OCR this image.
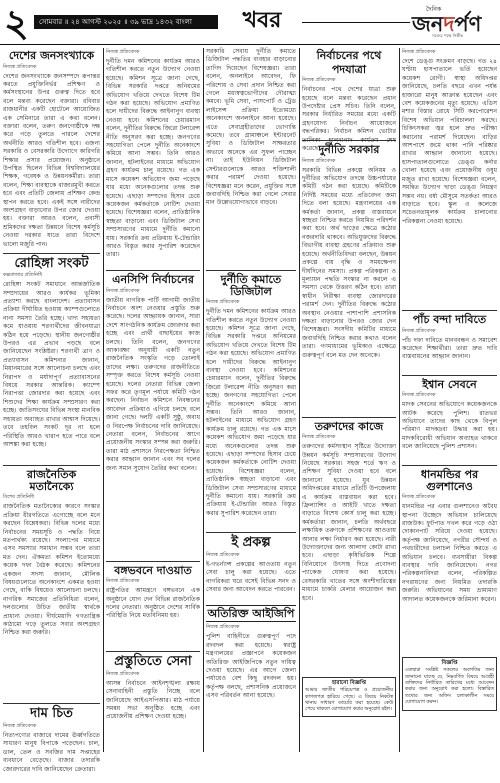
২	সোমবার ॥ ২৪ আগস্ট ২০২৫ ॥ ৩৯ ভাদ্র ১৪৩২ বাংলা	খবর	দৈনিক
জনদর্পণ
সত্যের পক্ষে নির্ভীক
দেশের জনসংখ্যাকে
নিজস্ব প্রতিবেদক
দেশের জনসংখ্যাকে জনসম্পদে রূপান্তর করতে প্রযুক্তিনির্ভর প্রশিক্ষণ ও কর্মসংস্থানের উপর গুরুত্ব দিতে হবে বলে মন্তব্য করেছেন বক্তারা। রবিবার রাজধানীর একটি হোটেলে আয়োজিত এক সেমিনারে তারা এ কথা বলেন। বক্তারা বলেন, তরুণ জনগোষ্ঠীকে দক্ষ করে গড়ে তুলতে পারলে দেশের অর্থনীতি আরও গতিশীল হবে। এজন্য সরকারি ও বেসরকারি উদ্যোগে কারিগরি শিক্ষার প্রসার প্রয়োজন। অনুষ্ঠানে উপস্থিত ছিলেন বিভিন্ন বিশ্ববিদ্যালয়ের শিক্ষক, গবেষক ও উন্নয়নকর্মীরা। তারা বলেন, শিক্ষা ব্যবস্থাকে বাজারমুখী করতে হবে এবং প্রতিটি জেলায় প্রশিক্ষণ কেন্দ্র স্থাপন করতে হবে। একই সঙ্গে নারীদের অংশগ্রহণ বাড়ানোর উপর জোর দেওয়া হয়। বক্তারা আরও বলেন, প্রবাসী শ্রমিকদের দক্ষতা উন্নয়নে বিশেষ কর্মসূচি নেওয়া দরকার যাতে তারা বিদেশে ভালো মজুরি পান।
রোহিঙ্গা সংকট
কক্সবাজার প্রতিনিধি
রোহিঙ্গা সংকট সমাধানে আন্তর্জাতিক সম্প্রদায়ের আরও কার্যকর ভূমিকা প্রত্যাশা করছে বাংলাদেশ। প্রত্যাবাসন প্রক্রিয়া দীর্ঘায়িত হওয়ায় ক্যাম্পগুলোতে নানা সমস্যা তৈরি হচ্ছে। খাদ্য সহায়তা কমে যাওয়ায় শরণার্থীদের জীবনযাত্রা কঠিন হয়ে পড়েছে। স্থানীয় জনগোষ্ঠীর উপরও এর প্রভাব পড়ছে বলে জানিয়েছেন সংশ্লিষ্টরা। শরণার্থী ত্রাণ ও প্রত্যাবাসন কমিশনার জানান, মিয়ানমারের সঙ্গে আলোচনা চলছে এবং নিরাপদ ও মর্যাদাপূর্ণ প্রত্যাবাসনের বিষয়ে সরকার আন্তরিক। ক্যাম্পে নিরাপত্তা জোরদার করা হয়েছে এবং শিশুদের শিক্ষা কার্যক্রম সম্প্রসারণ করা হচ্ছে। জাতিসংঘের বিভিন্ন সংস্থা মানবিক সহায়তা অব্যাহত রাখার আশ্বাস দিয়েছে। তবে তহবিল সংকট দূর না হলে পরিস্থিতি আরও খারাপ হতে পারে বলে আশঙ্কা করা হচ্ছে।
রাজনৈতিক মতানৈক্যে
বিশেষ প্রতিনিধি
রাজনৈতিক মতানৈক্যের কারণে সংস্কার প্রক্রিয়া ধীরগতিতে এগোচ্ছে বলে মনে করছেন বিশ্লেষকরা। বিভিন্ন দলের মধ্যে নির্বাচনের সময়সূচি ও পদ্ধতি নিয়ে মতপার্থক্য রয়েছে। সংলাপের মাধ্যমে এসব সমস্যার সমাধান সম্ভব বলে তারা মত দেন। ঐকমত্য কমিশন ইতোমধ্যে কয়েক দফা বৈঠক করেছে। কমিশনের একজন সদস্য জানান, মৌলিক বিষয়গুলোতে অনেকাংশে একমত হওয়া গেছে, বাকি বিষয়েও আলোচনা চলছে। নাগরিক সমাজের প্রতিনিধিরা বলেন, দলগুলোর উচিত জাতীয় স্বার্থকে প্রাধান্য দেওয়া। দীর্ঘমেয়াদি গণতান্ত্রিক কাঠামো গড়ে তুলতে সবার অংশগ্রহণ নিশ্চিত করা জরুরি।
দাম চিত
নিজস্ব প্রতিবেদক
নিত্যপণ্যের বাজারে দামের ঊর্ধ্বগতিতে সাধারণ মানুষ বিপাকে পড়েছেন। চাল, ডাল, তেল ও সবজির দাম সপ্তাহের ব্যবধানে বেড়েছে। বাজার তদারকি জোরদারের দাবি জানিয়েছেন ক্রেতারা।
নিজস্ব প্রতিবেদক
দুর্নীতি দমন কমিশনের কার্যক্রম আরও গতিশীল করতে নতুন উদ্যোগ নেওয়া হয়েছে। কমিশন সূত্রে জানা গেছে, বিভিন্ন সরকারি দপ্তরে অনিয়মের অভিযোগ খতিয়ে দেখতে বিশেষ টিম গঠন করা হয়েছে। অভিযোগ প্রমাণিত হলে দায়ীদের বিরুদ্ধে আইনানুগ ব্যবস্থা নেওয়া হবে। কমিশনের চেয়ারম্যান বলেন, দুর্নীতির বিরুদ্ধে জিরো টলারেন্স নীতি অনুসরণ করা হচ্ছে। জনগণের সহযোগিতা পেলে দুর্নীতি অনেকাংশে কমিয়ে আনা সম্ভব। তিনি আরও জানান, হটলাইনের মাধ্যমে অভিযোগ গ্রহণ কার্যক্রম চালু রয়েছে। গত এক মাসে কয়েকশ অভিযোগ জমা পড়েছে যার মধ্যে অনেকগুলোর তদন্ত শুরু হয়েছে। এছাড়া সম্পদের হিসাব চেয়ে কয়েকজন কর্মকর্তাকে নোটিশ দেওয়া হয়েছে। বিশেষজ্ঞরা বলেন, প্রাতিষ্ঠানিক স্বচ্ছতা বাড়ানো এবং ডিজিটাল সেবা সম্প্রসারণের মাধ্যমে দুর্নীতি কমানো যায়। সরকারি ক্রয় প্রক্রিয়ায় ই-টেন্ডারিং আরও বিস্তৃত করার সুপারিশ করেছেন তারা।
এনসিপি নির্বাচনের
নিজস্ব প্রতিবেদক
জাতীয় নাগরিক পার্টি আগামী জাতীয় নির্বাচনে অংশ নেওয়ার প্রস্তুতি শুরু করেছে। দলের আহ্বায়ক জানান, সারা দেশে সাংগঠনিক কার্যক্রম জোরদার করা হচ্ছে এবং প্রার্থী বাছাইয়ের কাজ চলছে। তিনি বলেন, জনগণের আকাঙ্ক্ষা অনুযায়ী একটি নতুন রাজনৈতিক সংস্কৃতি গড়ে তোলাই তাদের লক্ষ্য। তরুণদের রাজনীতিতে সম্পৃক্ত করতে বিশেষ কর্মসূচি নেওয়া হয়েছে। দলের নেতারা বিভিন্ন জেলা সফর করে তৃণমূল পর্যায়ে কমিটি গঠন করছেন। নির্বাচন কমিশনে নিবন্ধনের আবেদন প্রক্রিয়াও এগিয়ে চলছে বলে জানা গেছে। দলটি একটি সুষ্ঠু, অবাধ ও নিরপেক্ষ নির্বাচনের দাবি জানিয়েছে। নেতারা বলেন, নির্বাচনের আগে প্রয়োজনীয় সংস্কার সম্পন্ন করা জরুরি। তারা মাঠ প্রশাসনে নিরপেক্ষতা নিশ্চিত করার আহ্বান জানান এবং সব দলের জন্য সমান সুযোগ তৈরির কথা বলেন।
বঙ্গভবনে দাওয়াত
নিজস্ব প্রতিবেদক
রাষ্ট্রপতির আমন্ত্রণে বঙ্গভবনে এক অনুষ্ঠানে যোগ দেন বিভিন্ন রাজনৈতিক দলের নেতারা। অনুষ্ঠানে দেশের সার্বিক পরিস্থিতি নিয়ে মতবিনিময় হয়।
প্রস্তুতিতে সেনা
নিজস্ব প্রতিবেদক
আসন্ন নির্বাচনে আইনশৃঙ্খলা রক্ষায় সেনাবাহিনী প্রস্তুতি নিচ্ছে বলে জানিয়েছে আইএসপিআর। মাঠ পর্যায়ে সমন্বয় সভা অনুষ্ঠিত হচ্ছে এবং প্রয়োজনীয় প্রশিক্ষণ দেওয়া হচ্ছে।
সরকারি সেবায় দুর্নীতি কমাতে ডিজিটাল পদ্ধতির ব্যবহার বাড়ানোর তাগিদ দিয়েছেন বিশেষজ্ঞরা। তারা বলেন, অনলাইনে আবেদন, ফি পরিশোধ ও সেবা প্রদান নিশ্চিত করা গেলে মধ্যস্বত্বভোগীদের দৌরাত্ম্য কমবে। ভূমি সেবা, পাসপোর্ট ও ট্রেড লাইসেন্স প্রক্রিয়া ইতোমধ্যে অনেকাংশে অনলাইনে আনা হয়েছে। এতে সেবাগ্রহীতাদের ভোগান্তি কমেছে। তবে গ্রামাঞ্চলে ইন্টারনেট সুবিধা ও ডিজিটাল সাক্ষরতার অভাবে অনেকে এর সুফল পাচ্ছেন না। তাই ইউনিয়ন ডিজিটাল সেন্টারগুলোকে আরও শক্তিশালী করার পরামর্শ দেওয়া হয়েছে। বিশেষজ্ঞরা মনে করেন, প্রযুক্তির সঙ্গে জবাবদিহি নিশ্চিত করা গেলে সেবার মান উল্লেখযোগ্যভাবে বাড়বে।
দুর্নীতি কমাতে ডিজিটাল
নিজস্ব প্রতিবেদক
দুর্নীতি দমন কমিশনের কার্যক্রম আরও গতিশীল করতে নতুন উদ্যোগ নেওয়া হয়েছে। কমিশন সূত্রে জানা গেছে, বিভিন্ন সরকারি দপ্তরে অনিয়মের অভিযোগ খতিয়ে দেখতে বিশেষ টিম গঠন করা হয়েছে। অভিযোগ প্রমাণিত হলে দায়ীদের বিরুদ্ধে আইনানুগ ব্যবস্থা নেওয়া হবে। কমিশনের চেয়ারম্যান বলেন, দুর্নীতির বিরুদ্ধে জিরো টলারেন্স নীতি অনুসরণ করা হচ্ছে। জনগণের সহযোগিতা পেলে দুর্নীতি অনেকাংশে কমিয়ে আনা সম্ভব। তিনি আরও জানান, হটলাইনের মাধ্যমে অভিযোগ গ্রহণ কার্যক্রম চালু রয়েছে। গত এক মাসে কয়েকশ অভিযোগ জমা পড়েছে যার মধ্যে অনেকগুলোর তদন্ত শুরু হয়েছে। এছাড়া সম্পদের হিসাব চেয়ে কয়েকজন কর্মকর্তাকে নোটিশ দেওয়া হয়েছে। বিশেষজ্ঞরা বলেন, প্রাতিষ্ঠানিক স্বচ্ছতা বাড়ানো এবং ডিজিটাল সেবা সম্প্রসারণের মাধ্যমে দুর্নীতি কমানো যায়। সরকারি ক্রয় প্রক্রিয়ায় ই-টেন্ডারিং আরও বিস্তৃত করার সুপারিশ করেছেন তারা।
ই প্রকল্প
নিজস্ব প্রতিবেদক
ই-গভর্ন্যান্স প্রকল্পের আওতায় নতুন সেবা চালু করা হয়েছে। এতে নাগরিকরা ঘরে বসেই বিভিন্ন সনদ ও সেবার জন্য আবেদন করতে পারবেন।
অতিরিক্ত আইজিপি
নিজস্ব প্রতিবেদক
পুলিশ বাহিনীতে গুরুত্বপূর্ণ পদে রদবদল করা হয়েছে। স্বরাষ্ট্র মন্ত্রণালয়ের প্রজ্ঞাপনে কয়েকজন অতিরিক্ত আইজিপিকে নতুন দায়িত্ব দেওয়া হয়েছে। এর আগে জেলা পর্যায়েও বেশ কিছু রদবদল হয়। কর্তৃপক্ষ বলছে, প্রশাসনিক প্রয়োজনে এসব পরিবর্তন আনা হয়েছে।
নির্বাচনের পথে
পদযাত্রা
নিজস্ব প্রতিবেদক
নির্বাচনের পথে দেশের যাত্রা শুরু হয়েছে বলে মন্তব্য করেছেন প্রধান উপদেষ্টার প্রেস সচিব। তিনি বলেন, সরকার নির্ধারিত সময়ের মধ্যে একটি গ্রহণযোগ্য নির্বাচন আয়োজনে বদ্ধপরিকর। নির্বাচন কমিশন ভোটার তালিকা হালনাগাদ কার্যক্রম শেষ করেছে।
দুর্নীতি সরকার
নিজস্ব প্রতিবেদক
সরকারি বিভিন্ন প্রকল্পে অনিয়ম ও দুর্নীতির অভিযোগ তদন্তে উচ্চপর্যায়ের কমিটি গঠন করা হয়েছে। কমিটিকে নির্দিষ্ট সময়ের মধ্যে প্রতিবেদন জমা দিতে বলা হয়েছে। মন্ত্রণালয়ের এক কর্মকর্তা জানান, প্রকল্প বাস্তবায়নে স্বচ্ছতা নিশ্চিত করতে নিয়মিত পরিদর্শন করা হবে। অর্থ ছাড়ের ক্ষেত্রে কঠোর নজরদারি থাকবে। অভিযুক্তদের বিরুদ্ধে বিভাগীয় ব্যবস্থা গ্রহণের প্রক্রিয়াও শুরু হয়েছে। অর্থনীতিবিদরা বলছেন, উন্নয়ন প্রকল্পে ব্যয় বৃদ্ধি ও সময়ক্ষেপণ দীর্ঘদিনের সমস্যা। প্রকল্প পরিকল্পনা ও মূল্যায়ন পদ্ধতি সংস্কার না করলে এ সমস্যা থেকে উত্তরণ কঠিন হবে। তারা স্বাধীন নিরীক্ষা ব্যবস্থা জোরদারের পরামর্শ দেন। দুর্নীতির বিরুদ্ধে কঠোর অবস্থান নেওয়ার পাশাপাশি প্রশাসনিক দক্ষতা বাড়ানোর উপরও জোর দেন বিশেষজ্ঞরা। সংসদীয় কমিটির মাধ্যমে জবাবদিহি নিশ্চিত করার কথাও বলেন তারা। গণমাধ্যমের ভূমিকাও এক্ষেত্রে গুরুত্বপূর্ণ বলে মত দেন অনেকে।
তরুণদের কাজে
নিজস্ব প্রতিবেদক
তরুণদের কর্মসংস্থান সৃষ্টিতে উদ্যোক্তা উন্নয়ন কর্মসূচি সম্প্রসারণের উদ্যোগ নিয়েছে সরকার। সহজ শর্তে ঋণ ও প্রশিক্ষণ সুবিধা দেওয়া হবে বলে জানানো হয়েছে। যুব উন্নয়ন অধিদপ্তরের মাধ্যমে প্রতিটি উপজেলায় এ কার্যক্রম বাস্তবায়ন করা হবে। ফ্রিল্যান্সিং ও আইটি খাতে দক্ষতা বাড়াতে বিশেষ কোর্স চালু করা হচ্ছে। কর্মকর্তারা জানান, চলতি অর্থবছরে লক্ষাধিক তরুণকে প্রশিক্ষণের আওতায় আনার লক্ষ্য নির্ধারণ করা হয়েছে। নারী উদ্যোক্তাদের জন্য আলাদা কোটা রাখা হবে। এছাড়া কৃষিভিত্তিক শিল্পে বিনিয়োগে উৎসাহ দিতে প্রণোদনা প্যাকেজ ঘোষণা করা হয়েছে। বেসরকারি খাতের সঙ্গে অংশীদারিত্বের মাধ্যমে চাকরি মেলার আয়োজন করা হবে।
হারানো বিজ্ঞপ্তি
আমার জাতীয় পরিচয়পত্র ও প্রয়োজনীয় কাগজপত্র হারিয়ে গেছে। এ বিষয়ে নিকটস্থ থানায় সাধারণ ডায়েরি করা হয়েছে। কেউ পেয়ে থাকলে যোগাযোগ করার অনুরোধ রইল।
নিজস্ব প্রতিবেদক
দেশে ডেঙ্গু সংক্রমণ বাড়ছে। গত ২৪ ঘণ্টায় হাসপাতালে ভর্তি হয়েছেন কয়েকশ রোগী। স্বাস্থ্য অধিদপ্তর জানিয়েছে, চলতি বছরে এখন পর্যন্ত হাজারো মানুষ আক্রান্ত হয়েছেন এবং বেশ কয়েকজনের মৃত্যু হয়েছে। এডিস মশার বিস্তার রোধে সিটি করপোরেশন বিশেষ অভিযান পরিচালনা করছে। চিকিৎসকরা জ্বর হলে দ্রুত পরীক্ষা করানোর পরামর্শ দিয়েছেন। বাড়ির আশপাশে জমে থাকা পানি পরিষ্কার রাখার আহ্বান জানানো হয়েছে। হাসপাতালগুলোতে ডেঙ্গু কর্নার খোলা হয়েছে এবং প্রয়োজনীয় ওষুধ মজুত রাখা হয়েছে। বিশেষজ্ঞরা বলেন, সমন্বিত উদ্যোগ ছাড়া ডেঙ্গু নিয়ন্ত্রণ সম্ভব নয়। বর্ষা মৌসুমে সতর্কতা আরও বাড়াতে হবে। স্কুল ও কলেজে সচেতনতামূলক কার্যক্রম চালানোর পরিকল্পনা নেওয়া হয়েছে।
পাঁচ বন্দা দাবিতে
নিজস্ব প্রতিবেদক
পাঁচ দফা দাবিতে মানববন্ধন ও সমাবেশ করেছেন শিক্ষার্থীরা। তারা দ্রুত দাবি বাস্তবায়নের আহ্বান জানান।
ইশ্বান সেবনে
নিজস্ব প্রতিবেদক
মাদক সেবনের অভিযোগে কয়েকজনকে আটক করেছে পুলিশ। রাতভর অভিযানে তাদের কাছ থেকে বিপুল পরিমাণ মাদকদ্রব্য উদ্ধার করা হয়। মাদকবিরোধী অভিযান অব্যাহত থাকবে বলে জানিয়েছে পুলিশ প্রশাসন।
ধানমন্ডির পর গুলশানেও
নিজস্ব প্রতিবেদক
ধানমন্ডির পর এবার গুলশানেও অবৈধ স্থাপনা উচ্ছেদে অভিযান চালিয়েছে রাজউক। ফুটপাত দখল করে গড়ে ওঠা দোকানপাট সরিয়ে দেওয়া হয়েছে। কর্তৃপক্ষ জানিয়েছে, নগরীর সৌন্দর্য ও পথচারীদের চলাচল নিশ্চিত করতে এ অভিযান চলবে। ব্যবসায়ীরা বিকল্প ব্যবস্থার দাবি জানিয়েছেন। নগর পরিকল্পনাবিদরা বলেন, পরিকল্পিত নগরায়ণের জন্য নিয়মিত তদারকি জরুরি। অভিযানের সময় ভ্রাম্যমাণ আদালত কয়েকজনকে জরিমানা করেন।
বিজ্ঞপ্তি
এতদ্বারা সংশ্লিষ্ট সকলের অবগতির জন্য জানানো যাচ্ছে যে, নিম্নবর্ণিত বিষয়ে আগ্রহী ব্যক্তিদের নির্ধারিত তারিখের মধ্যে আবেদন করার জন্য অনুরোধ করা হলো। বিস্তারিত তথ্যের জন্য অফিস চলাকালীন সময়ে যোগাযোগ করুন।
